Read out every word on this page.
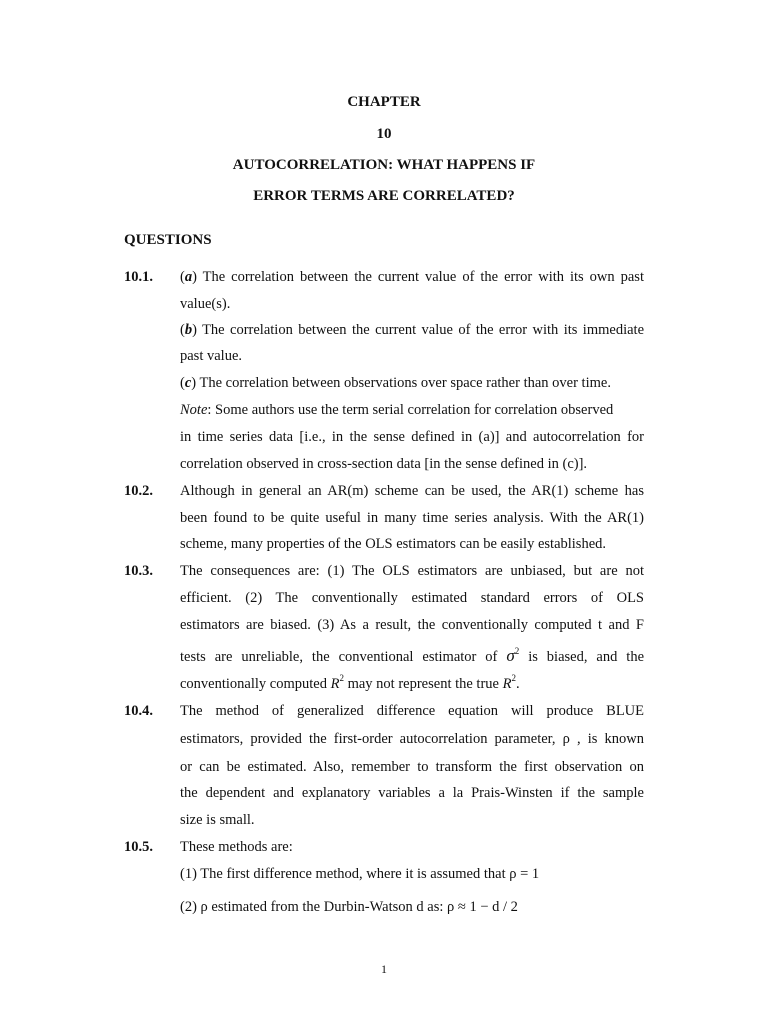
CHAPTER
10
AUTOCORRELATION: WHAT HAPPENS IF
ERROR TERMS ARE CORRELATED?
QUESTIONS
10.1. (a) The correlation between the current value of the error with its own past
value(s).
(b) The correlation between the current value of the error with its immediate
past value.
(c) The correlation between observations over space rather than over time.
Note: Some authors use the term serial correlation for correlation observed
in time series data [i.e., in the sense defined in (a)] and autocorrelation for
correlation observed in cross-section data [in the sense defined in (c)].
10.2. Although in general an AR(m) scheme can be used, the AR(1) scheme has
been found to be quite useful in many time series analysis. With the AR(1)
scheme, many properties of the OLS estimators can be easily established.
10.3. The consequences are: (1) The OLS estimators are unbiased, but are not
efficient. (2) The conventionally estimated standard errors of OLS
estimators are biased. (3) As a result, the conventionally computed t and F
tests are unreliable, the conventional estimator of $\sigma^2$ is biased, and the
conventionally computed $R^2$ may not represent the true $R^2$.
10.4. The method of generalized difference equation will produce BLUE
estimators, provided the first-order autocorrelation parameter, ρ , is known
or can be estimated. Also, remember to transform the first observation on
the dependent and explanatory variables a la Prais-Winsten if the sample
size is small.
10.5. These methods are:
(1) The first difference method, where it is assumed that ρ = 1
(2) ρ estimated from the Durbin-Watson d as: ρ ≈ 1 − d / 2
1
